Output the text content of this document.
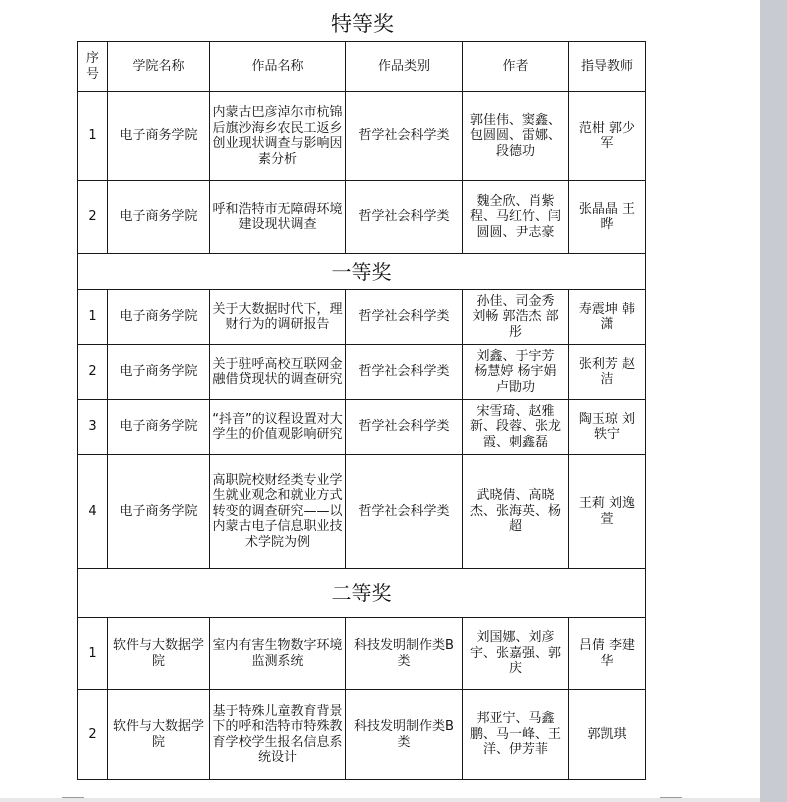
特等奖
序号	学院名称	作品名称	作品类别	作者	指导教师
1	电子商务学院	内蒙古巴彦淖尔市杭锦后旗沙海乡农民工返乡创业现状调查与影响因素分析	哲学社会科学类	郭佳伟、窦鑫、包圆圆、雷娜、段德功	范柑 郭少军
2	电子商务学院	呼和浩特市无障碍环境建设现状调查	哲学社会科学类	魏全欣、肖紫程、马红竹、闫圆圆、尹志豪	张晶晶 王晔
一等奖					
1	电子商务学院	关于大数据时代下，理财行为的调研报告	哲学社会科学类	孙佳、司金秀 刘畅 郭浩杰 部彤	寿震坤 韩潇
2	电子商务学院	关于驻呼高校互联网金融借贷现状的调查研究	哲学社会科学类	刘鑫、于宇芳 杨慧婷 杨宇娟 卢勖功	张利芳 赵洁
3	电子商务学院	“抖音”的议程设置对大学生的价值观影响研究	哲学社会科学类	宋雪琦、赵雅新、段蓉、张龙霞、刺鑫磊	陶玉琼 刘轶宁
4	电子商务学院	高职院校财经类专业学生就业观念和就业方式转变的调查研究——以内蒙古电子信息职业技术学院为例	哲学社会科学类	武晓倩、高晓杰、张海英、杨超	王莉 刘逸萱
二等奖					
1	软件与大数据学院	室内有害生物数字环境监测系统	科技发明制作类B类	刘国娜、刘彦宇、张嘉强、郭庆	吕倩 李建华
2	软件与大数据学院	基于特殊儿童教育背景下的呼和浩特市特殊教育学校学生报名信息系统设计	科技发明制作类B类	邦亚宁、马鑫鹏、马一峰、王洋、伊芳菲	郭凯琪
